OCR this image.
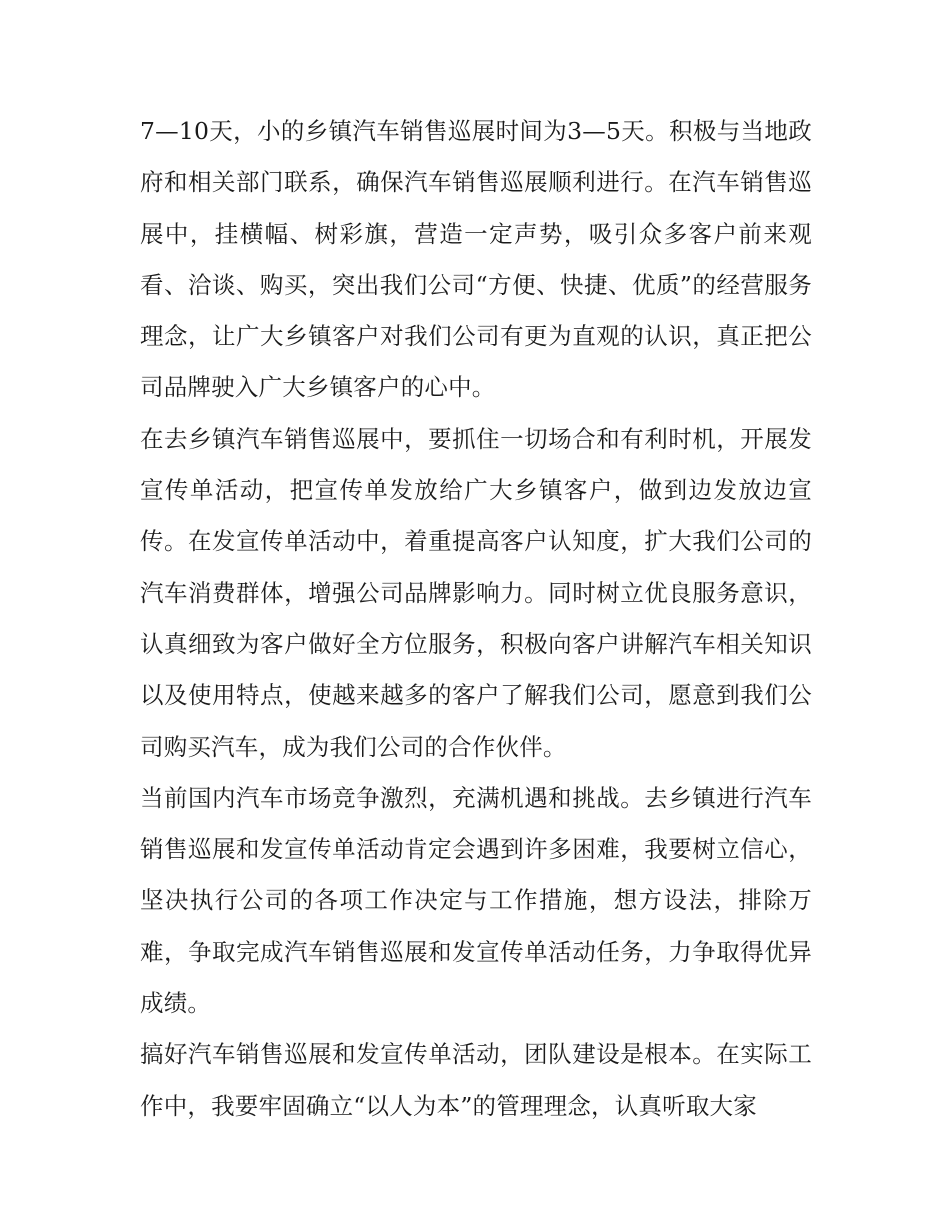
7—10天，小的乡镇汽车销售巡展时间为3—5天。积极与当地政府和相关部门联系，确保汽车销售巡展顺利进行。在汽车销售巡展中，挂横幅、树彩旗，营造一定声势，吸引众多客户前来观看、洽谈、购买，突出我们公司“方便、快捷、优质”的经营服务理念，让广大乡镇客户对我们公司有更为直观的认识，真正把公司品牌驶入广大乡镇客户的心中。

在去乡镇汽车销售巡展中，要抓住一切场合和有利时机，开展发宣传单活动，把宣传单发放给广大乡镇客户，做到边发放边宣传。在发宣传单活动中，着重提高客户认知度，扩大我们公司的汽车消费群体，增强公司品牌影响力。同时树立优良服务意识，认真细致为客户做好全方位服务，积极向客户讲解汽车相关知识以及使用特点，使越来越多的客户了解我们公司，愿意到我们公司购买汽车，成为我们公司的合作伙伴。

当前国内汽车市场竞争激烈，充满机遇和挑战。去乡镇进行汽车销售巡展和发宣传单活动肯定会遇到许多困难，我要树立信心，坚决执行公司的各项工作决定与工作措施，想方设法，排除万难，争取完成汽车销售巡展和发宣传单活动任务，力争取得优异成绩。

搞好汽车销售巡展和发宣传单活动，团队建设是根本。在实际工作中，我要牢固确立“以人为本”的管理理念，认真听取大家
